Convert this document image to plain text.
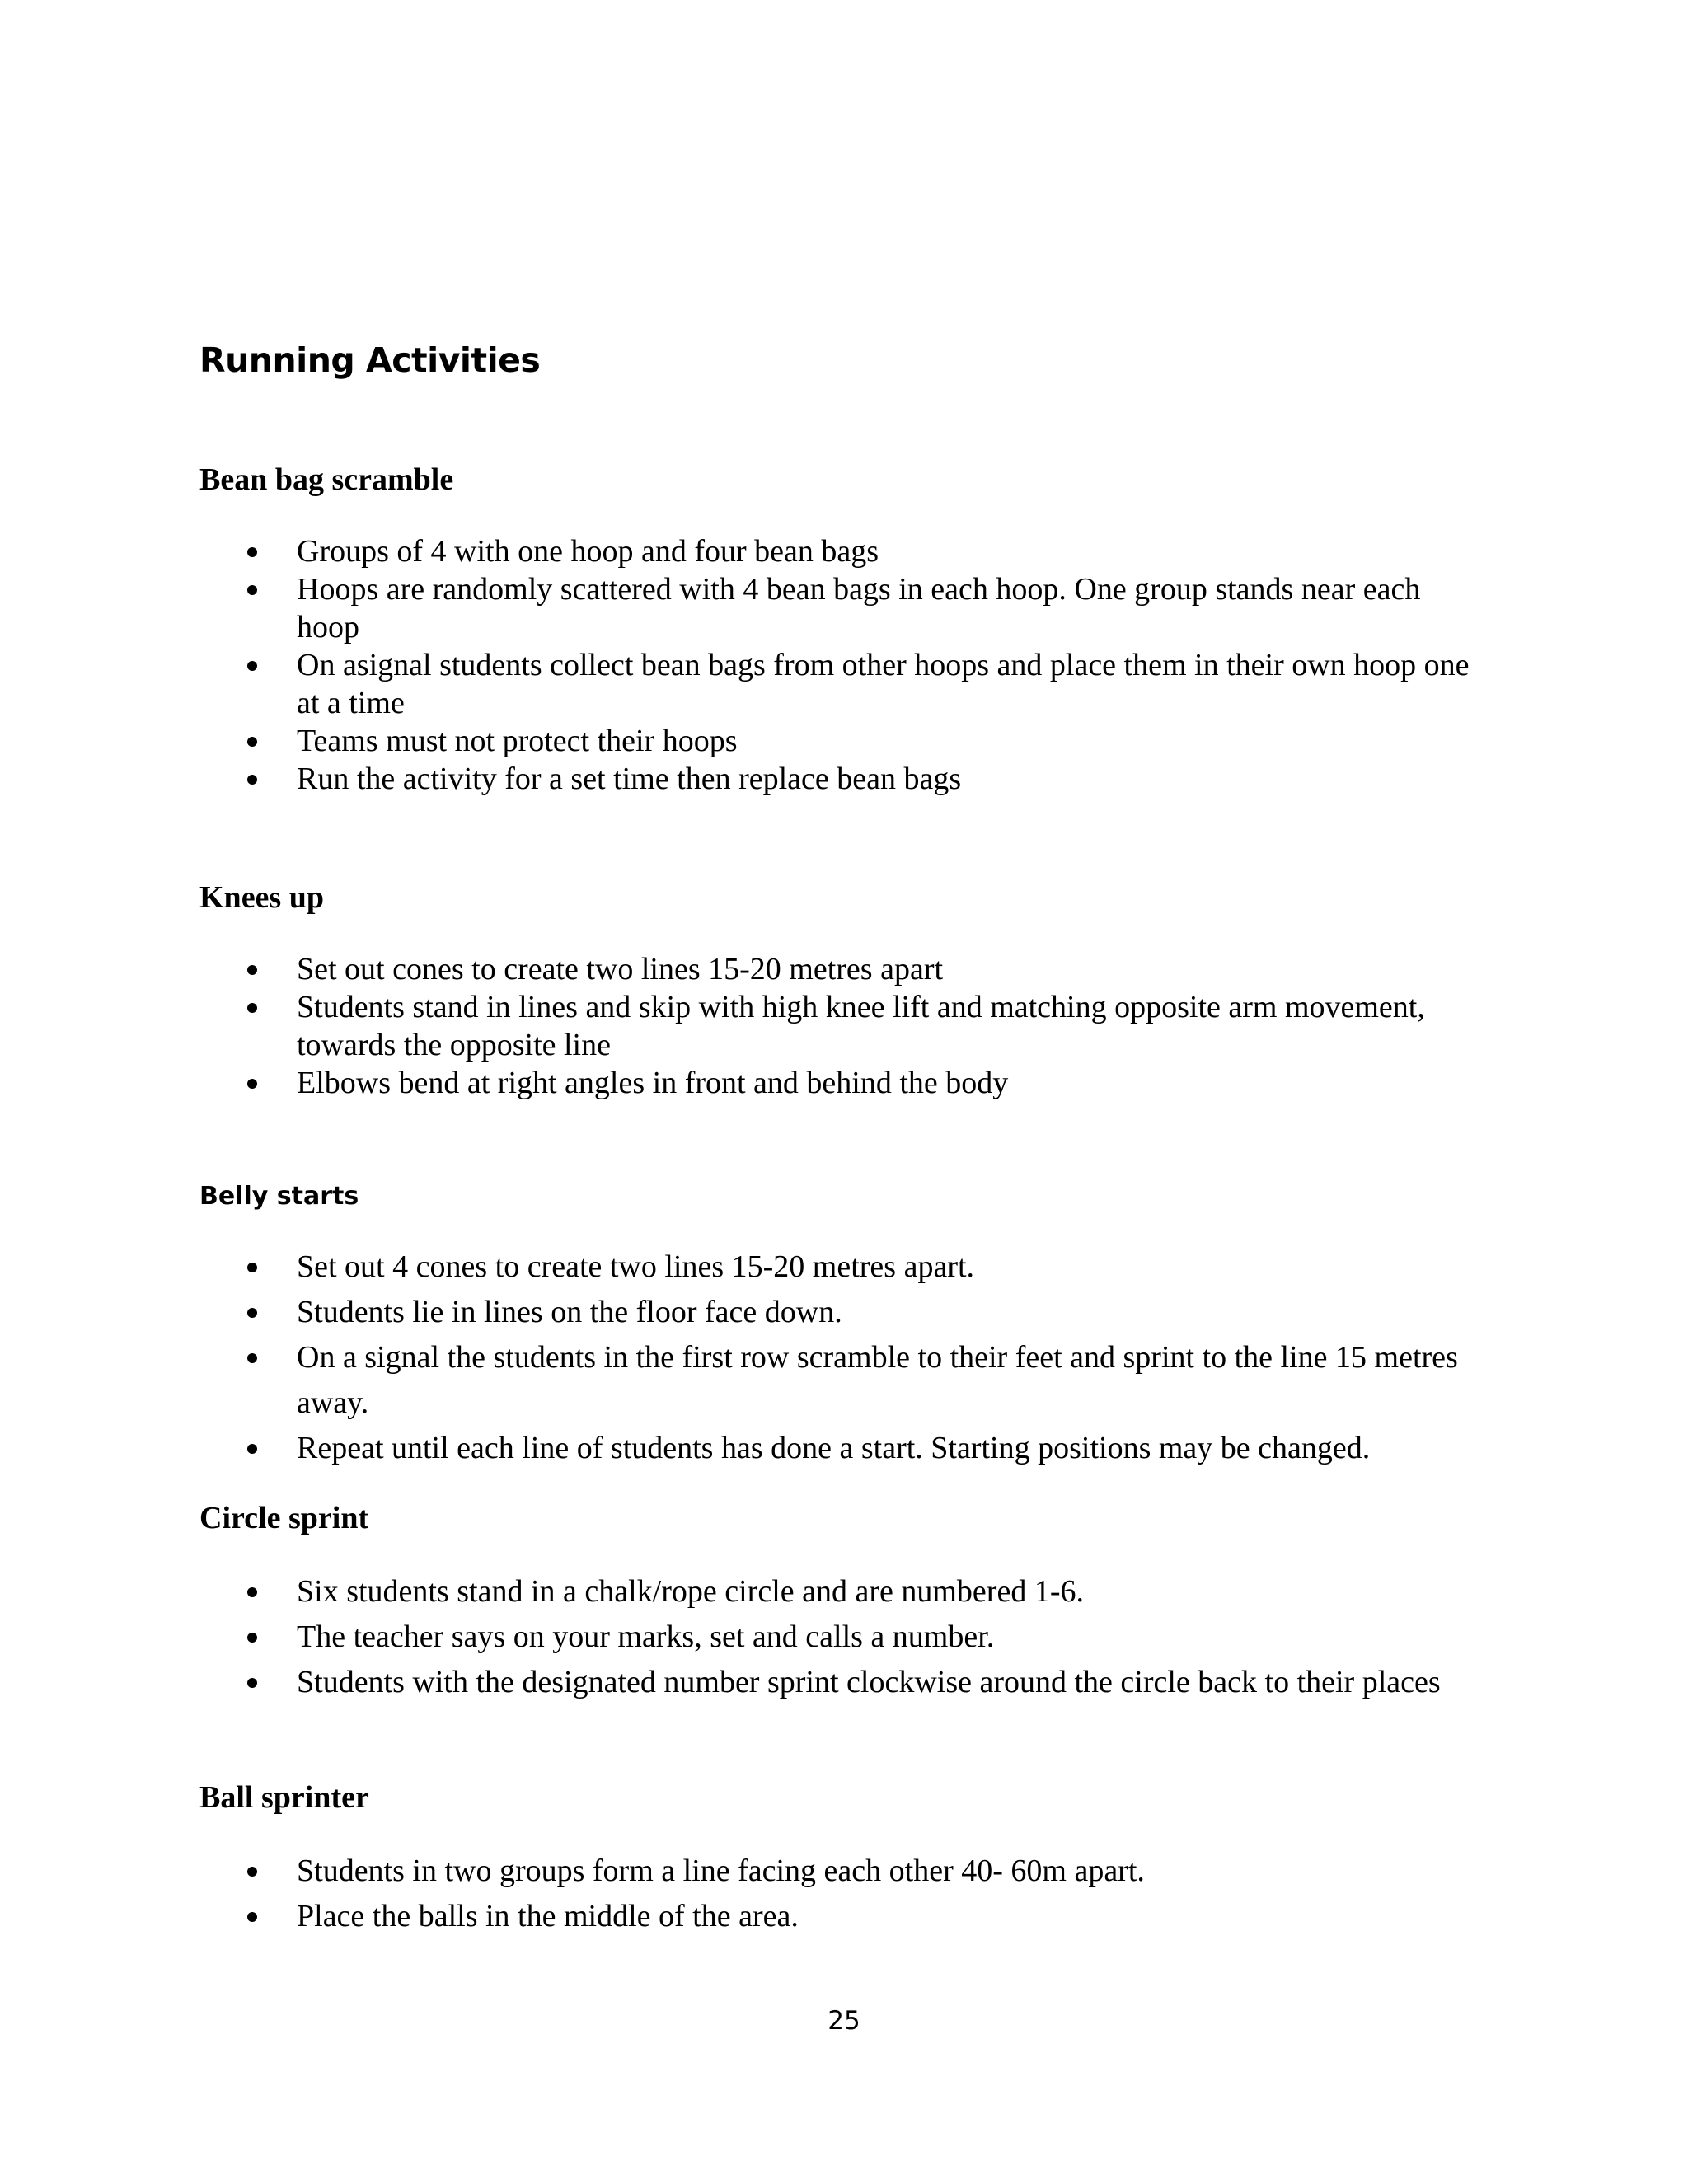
Running Activities
Bean bag scramble
Groups of 4 with one hoop and four bean bags
Hoops are randomly scattered with 4 bean bags in each hoop. One group stands near each hoop
On asignal students collect bean bags from other hoops and place them in their own hoop one at a time
Teams must not protect their hoops
Run the activity for a set time then replace bean bags
Knees up
Set out cones to create two lines 15-20 metres apart
Students stand in lines and skip with high knee lift and matching opposite arm movement, towards the opposite line
Elbows bend at right angles in front and behind the body
Belly starts
Set out 4 cones to create two lines 15-20 metres apart.
Students lie in lines on the floor face down.
On a signal the students in the first row scramble to their feet and sprint to the line 15 metres away.
Repeat until each line of students has done a start. Starting positions may be changed.
Circle sprint
Six students stand in a chalk/rope circle and are numbered 1-6.
The teacher says on your marks, set and calls a number.
Students with the designated number sprint clockwise around the circle back to their places
Ball sprinter
Students in two groups form a line facing each other 40- 60m apart.
Place the balls in the middle of the area.
25
